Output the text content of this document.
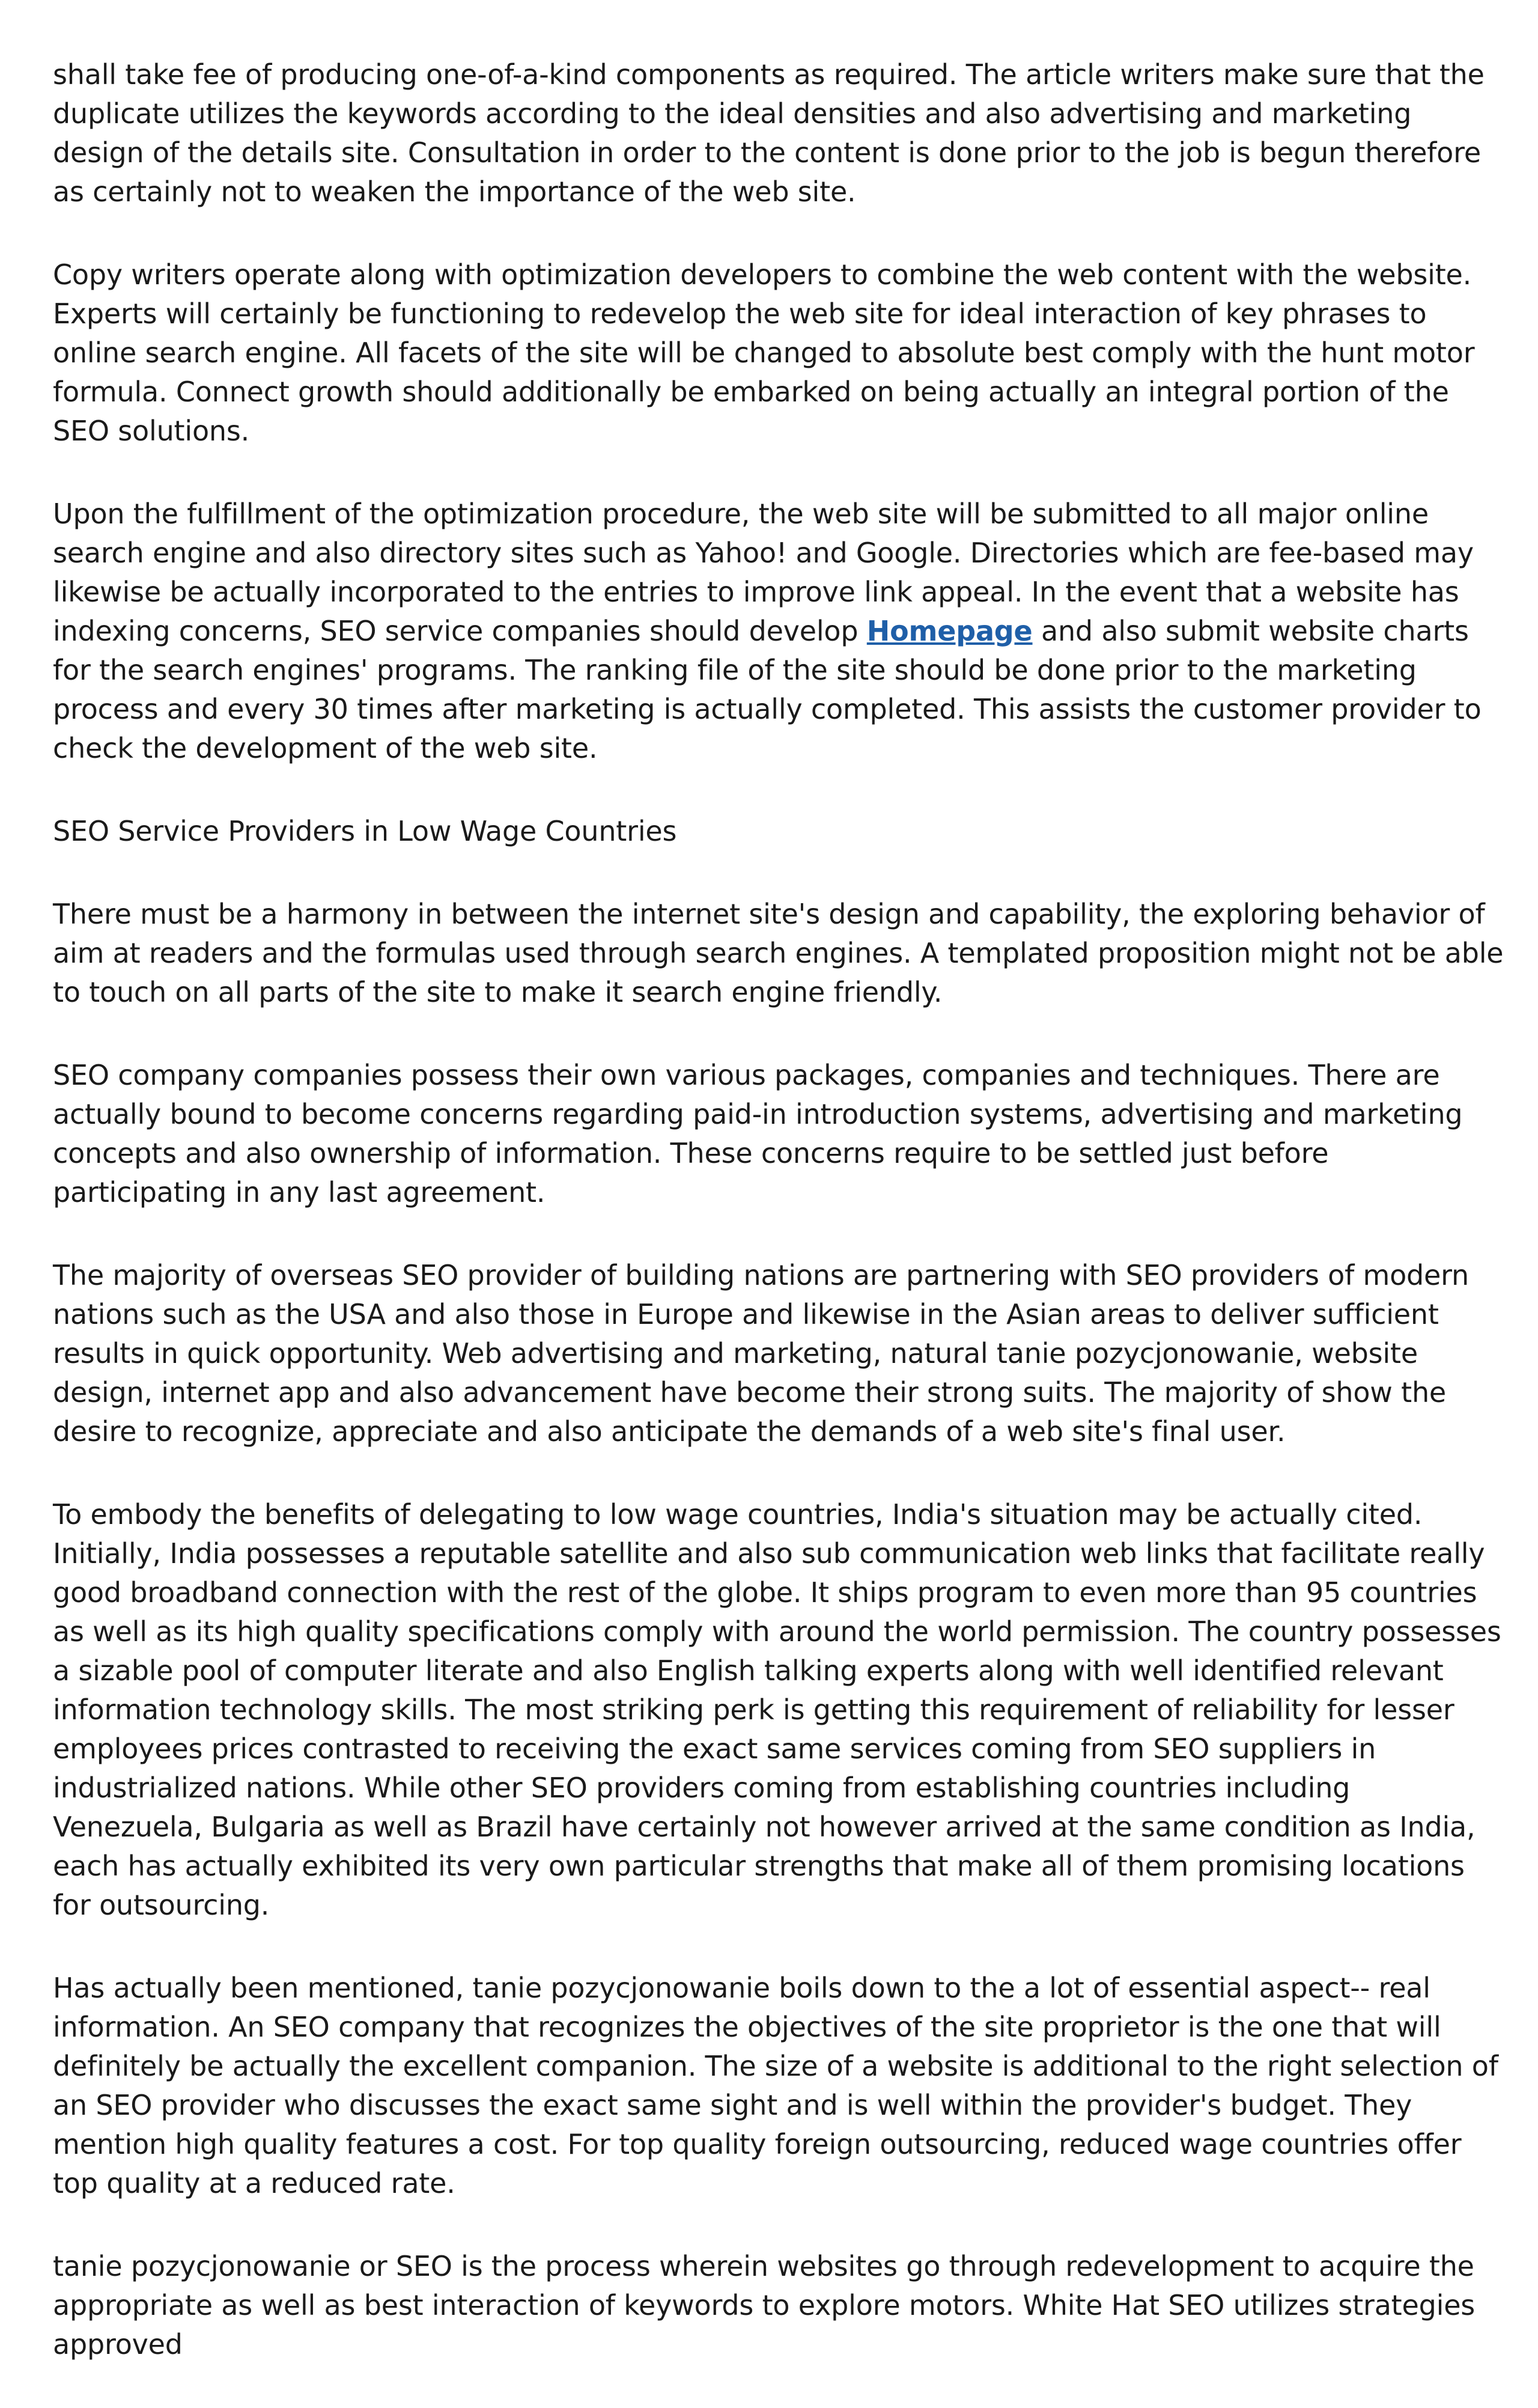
shall take fee of producing one-of-a-kind components as required. The article writers make sure that the duplicate utilizes the keywords according to the ideal densities and also advertising and marketing design of the details site. Consultation in order to the content is done prior to the job is begun therefore as certainly not to weaken the importance of the web site.

Copy writers operate along with optimization developers to combine the web content with the website. Experts will certainly be functioning to redevelop the web site for ideal interaction of key phrases to online search engine. All facets of the site will be changed to absolute best comply with the hunt motor formula. Connect growth should additionally be embarked on being actually an integral portion of the SEO solutions.

Upon the fulfillment of the optimization procedure, the web site will be submitted to all major online search engine and also directory sites such as Yahoo! and Google. Directories which are fee-based may likewise be actually incorporated to the entries to improve link appeal. In the event that a website has indexing concerns, SEO service companies should develop Homepage and also submit website charts for the search engines' programs. The ranking file of the site should be done prior to the marketing process and every 30 times after marketing is actually completed. This assists the customer provider to check the development of the web site.

SEO Service Providers in Low Wage Countries

There must be a harmony in between the internet site's design and capability, the exploring behavior of aim at readers and the formulas used through search engines. A templated proposition might not be able to touch on all parts of the site to make it search engine friendly.

SEO company companies possess their own various packages, companies and techniques. There are actually bound to become concerns regarding paid-in introduction systems, advertising and marketing concepts and also ownership of information. These concerns require to be settled just before participating in any last agreement.

The majority of overseas SEO provider of building nations are partnering with SEO providers of modern nations such as the USA and also those in Europe and likewise in the Asian areas to deliver sufficient results in quick opportunity. Web advertising and marketing, natural tanie pozycjonowanie, website design, internet app and also advancement have become their strong suits. The majority of show the desire to recognize, appreciate and also anticipate the demands of a web site's final user.

To embody the benefits of delegating to low wage countries, India's situation may be actually cited. Initially, India possesses a reputable satellite and also sub communication web links that facilitate really good broadband connection with the rest of the globe. It ships program to even more than 95 countries as well as its high quality specifications comply with around the world permission. The country possesses a sizable pool of computer literate and also English talking experts along with well identified relevant information technology skills. The most striking perk is getting this requirement of reliability for lesser employees prices contrasted to receiving the exact same services coming from SEO suppliers in industrialized nations. While other SEO providers coming from establishing countries including Venezuela, Bulgaria as well as Brazil have certainly not however arrived at the same condition as India, each has actually exhibited its very own particular strengths that make all of them promising locations for outsourcing.

Has actually been mentioned, tanie pozycjonowanie boils down to the a lot of essential aspect-- real information. An SEO company that recognizes the objectives of the site proprietor is the one that will definitely be actually the excellent companion. The size of a website is additional to the right selection of an SEO provider who discusses the exact same sight and is well within the provider's budget. They mention high quality features a cost. For top quality foreign outsourcing, reduced wage countries offer top quality at a reduced rate.

tanie pozycjonowanie or SEO is the process wherein websites go through redevelopment to acquire the appropriate as well as best interaction of keywords to explore motors. White Hat SEO utilizes strategies approved
